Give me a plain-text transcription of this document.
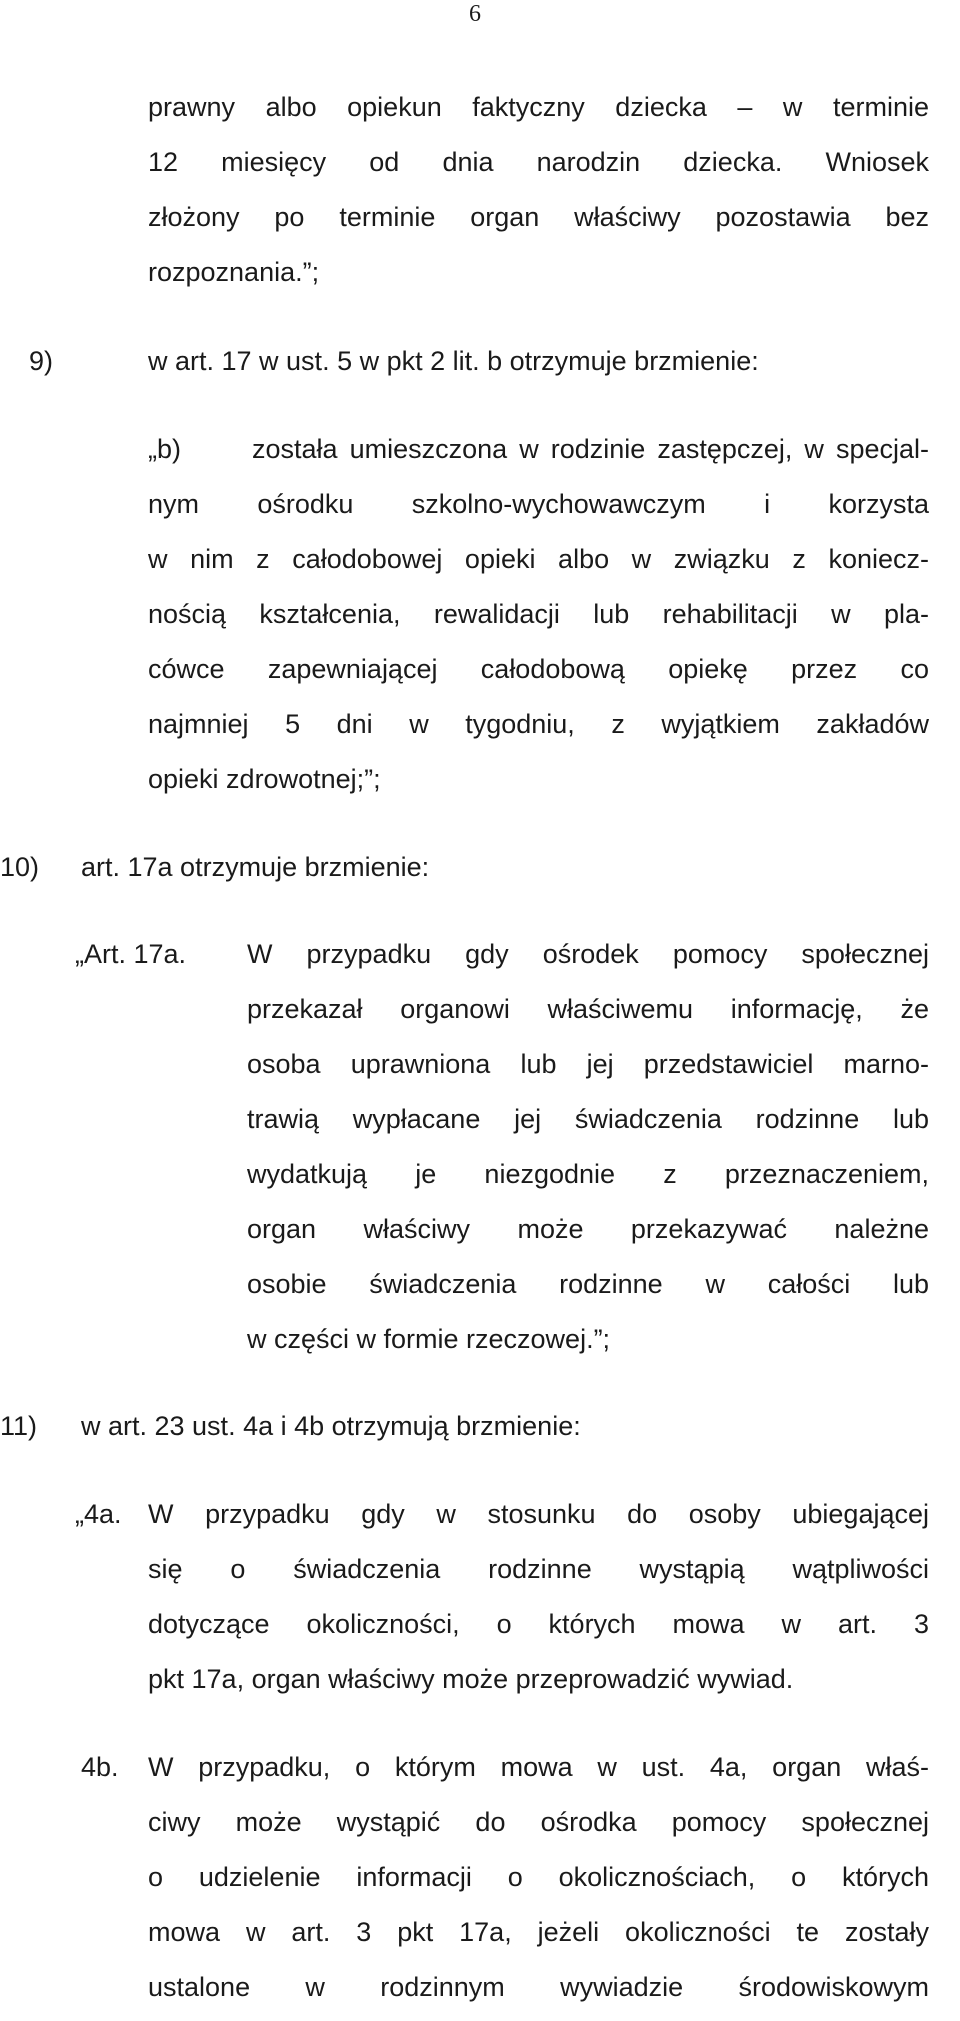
6
prawny albo opiekun faktyczny dziecka – w terminie
12 miesięcy od dnia narodzin dziecka. Wniosek
złożony po terminie organ właściwy pozostawia bez
rozpoznania.”;
9)	w art. 17 w ust. 5 w pkt 2 lit. b otrzymuje brzmienie:
„b)	została umieszczona w rodzinie zastępczej, w specjal-
nym ośrodku szkolno-wychowawczym i korzysta
w nim z całodobowej opieki albo w związku z koniecz-
nością kształcenia, rewalidacji lub rehabilitacji w pla-
cówce zapewniającej całodobową opiekę przez co
najmniej 5 dni w tygodniu, z wyjątkiem zakładów
opieki zdrowotnej;”;
10) art. 17a otrzymuje brzmienie:
„Art. 17a. W przypadku gdy ośrodek pomocy społecznej
przekazał organowi właściwemu informację, że
osoba uprawniona lub jej przedstawiciel marno-
trawią wypłacane jej świadczenia rodzinne lub
wydatkują je niezgodnie z przeznaczeniem,
organ właściwy może przekazywać należne
osobie świadczenia rodzinne w całości lub
w części w formie rzeczowej.”;
11) w art. 23 ust. 4a i 4b otrzymują brzmienie:
„4a. W przypadku gdy w stosunku do osoby ubiegającej
się o świadczenia rodzinne wystąpią wątpliwości
dotyczące okoliczności, o których mowa w art. 3
pkt 17a, organ właściwy może przeprowadzić wywiad.
4b. W przypadku, o którym mowa w ust. 4a, organ właś-
ciwy może wystąpić do ośrodka pomocy społecznej
o udzielenie informacji o okolicznościach, o których
mowa w art. 3 pkt 17a, jeżeli okoliczności te zostały
ustalone w rodzinnym wywiadzie środowiskowym
